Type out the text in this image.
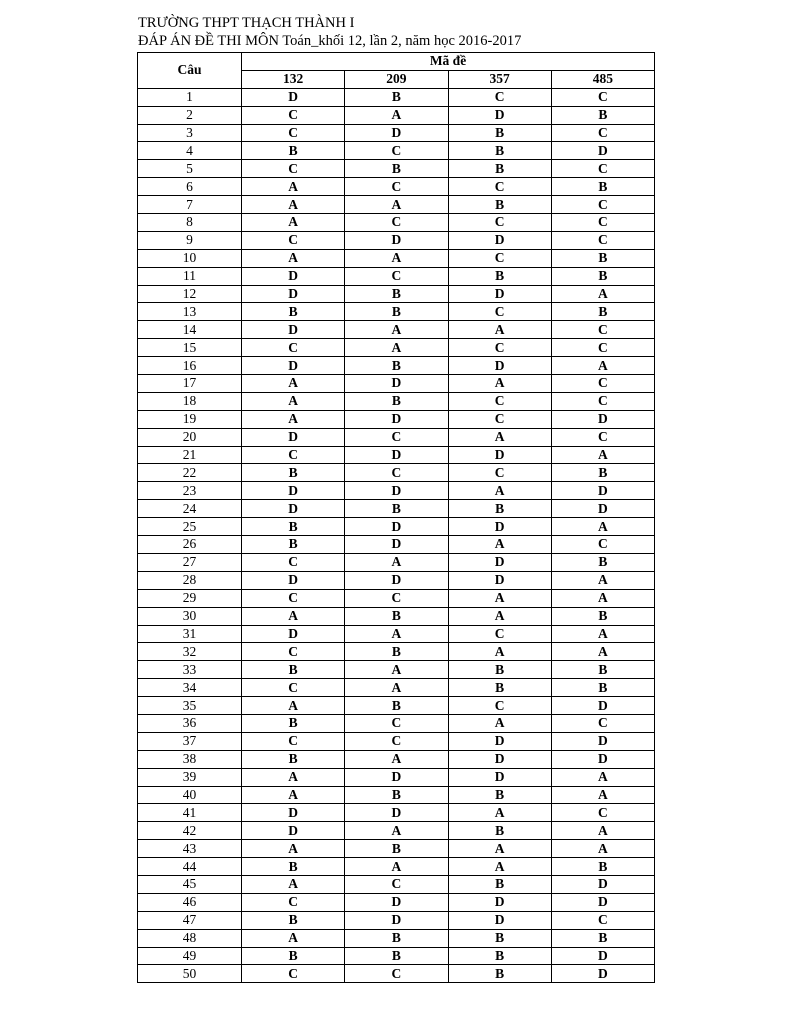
TRƯỜNG THPT THẠCH THÀNH I
ĐÁP ÁN ĐỀ THI MÔN Toán_khối 12, lần 2, năm học 2016-2017
Câu	Mã đề			
	132	209	357	485
1	D	B	C	C
2	C	A	D	B
3	C	D	B	C
4	B	C	B	D
5	C	B	B	C
6	A	C	C	B
7	A	A	B	C
8	A	C	C	C
9	C	D	D	C
10	A	A	C	B
11	D	C	B	B
12	D	B	D	A
13	B	B	C	B
14	D	A	A	C
15	C	A	C	C
16	D	B	D	A
17	A	D	A	C
18	A	B	C	C
19	A	D	C	D
20	D	C	A	C
21	C	D	D	A
22	B	C	C	B
23	D	D	A	D
24	D	B	B	D
25	B	D	D	A
26	B	D	A	C
27	C	A	D	B
28	D	D	D	A
29	C	C	A	A
30	A	B	A	B
31	D	A	C	A
32	C	B	A	A
33	B	A	B	B
34	C	A	B	B
35	A	B	C	D
36	B	C	A	C
37	C	C	D	D
38	B	A	D	D
39	A	D	D	A
40	A	B	B	A
41	D	D	A	C
42	D	A	B	A
43	A	B	A	A
44	B	A	A	B
45	A	C	B	D
46	C	D	D	D
47	B	D	D	C
48	A	B	B	B
49	B	B	B	D
50	C	C	B	D
